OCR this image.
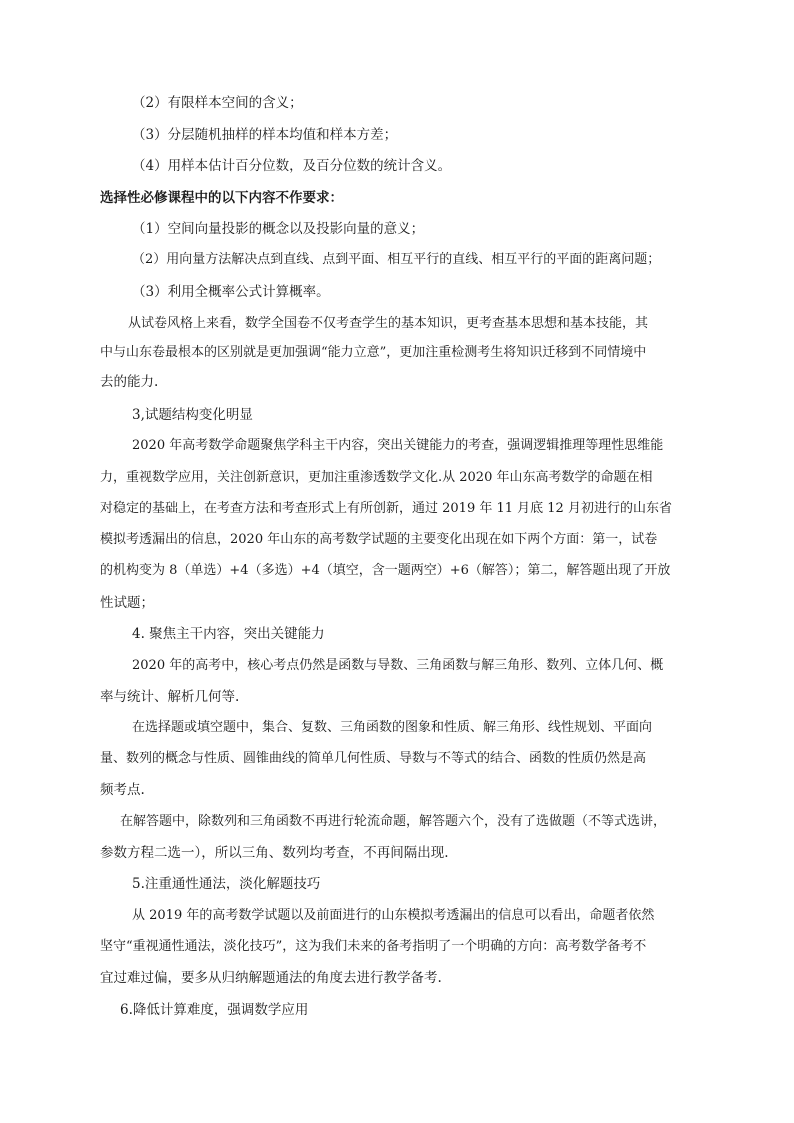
（2）有限样本空间的含义；
（3）分层随机抽样的样本均值和样本方差；
（4）用样本估计百分位数，及百分位数的统计含义。
选择性必修课程中的以下内容不作要求：
（1）空间向量投影的概念以及投影向量的意义；
（2）用向量方法解决点到直线、点到平面、相互平行的直线、相互平行的平面的距离问题；
（3）利用全概率公式计算概率。
从试卷风格上来看，数学全国卷不仅考查学生的基本知识，更考查基本思想和基本技能，其
中与山东卷最根本的区别就是更加强调“能力立意”，更加注重检测考生将知识迁移到不同情境中
去的能力.
3,试题结构变化明显
2020 年高考数学命题聚焦学科主干内容，突出关键能力的考查，强调逻辑推理等理性思维能
力，重视数学应用，关注创新意识，更加注重渗透数学文化.从 2020 年山东高考数学的命题在相
对稳定的基础上，在考查方法和考查形式上有所创新，通过 2019 年 11 月底 12 月初进行的山东省
模拟考透漏出的信息，2020 年山东的高考数学试题的主要变化出现在如下两个方面：第一，试卷
的机构变为 8（单选）+4（多选）+4（填空，含一题两空）+6（解答）；第二，解答题出现了开放
性试题；
4. 聚焦主干内容，突出关键能力
2020 年的高考中，核心考点仍然是函数与导数、三角函数与解三角形、数列、立体几何、概
率与统计、解析几何等.
在选择题或填空题中，集合、复数、三角函数的图象和性质、解三角形、线性规划、平面向
量、数列的概念与性质、圆锥曲线的简单几何性质、导数与不等式的结合、函数的性质仍然是高
频考点.
在解答题中，除数列和三角函数不再进行轮流命题，解答题六个，没有了选做题（不等式选讲，
参数方程二选一），所以三角、数列均考查，不再间隔出现.
5.注重通性通法，淡化解题技巧
从 2019 年的高考数学试题以及前面进行的山东模拟考透漏出的信息可以看出，命题者依然
坚守“重视通性通法，淡化技巧”，这为我们未来的备考指明了一个明确的方向：高考数学备考不
宜过难过偏，要多从归纳解题通法的角度去进行教学备考.
6.降低计算难度，强调数学应用
